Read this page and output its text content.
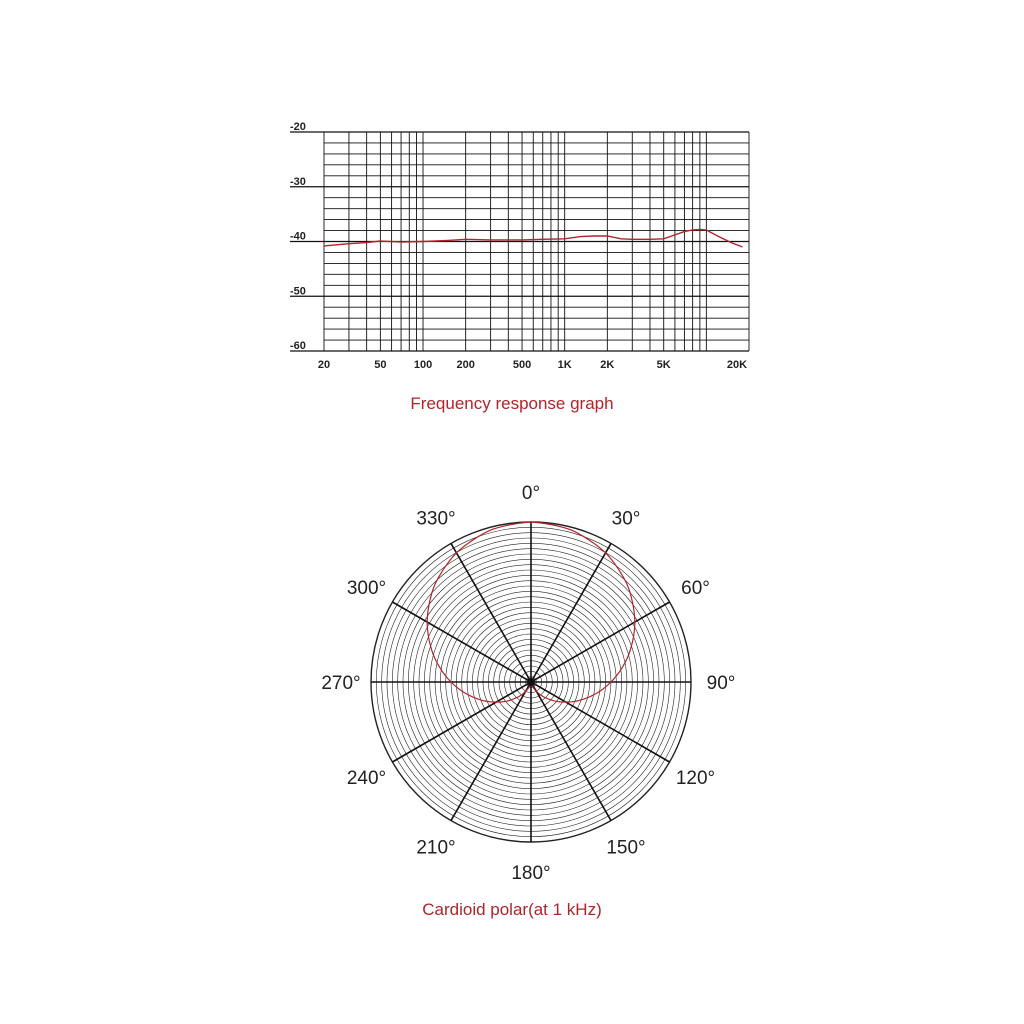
-20
-30
-40
-50
-60
20	50 100 200	500 1K	2K	5K	20K
0°
30°
60°
90°
120°
150°
180°
210°
240°
270°
300°
330°
Frequency response graph
Cardioid polar(at 1 kHz)
